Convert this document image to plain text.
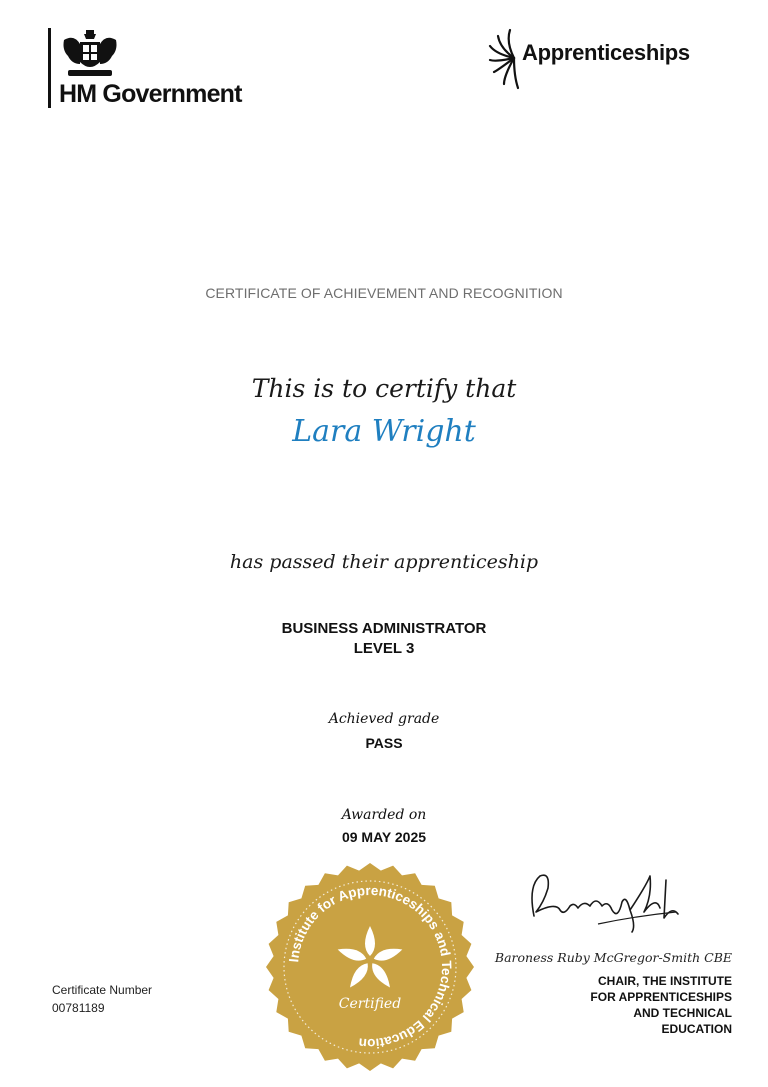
HM Government
Apprenticeships
CERTIFICATE OF ACHIEVEMENT AND RECOGNITION
This is to certify that
Lara Wright
has passed their apprenticeship
BUSINESS ADMINISTRATOR
LEVEL 3
Achieved grade
PASS
Awarded on
09 MAY 2025
Institute for Apprenticeships and Technical Education
Certified
Baroness Ruby McGregor-Smith CBE
CHAIR, THE INSTITUTE
FOR APPRENTICESHIPS
AND TECHNICAL
EDUCATION
Certificate Number
00781189
